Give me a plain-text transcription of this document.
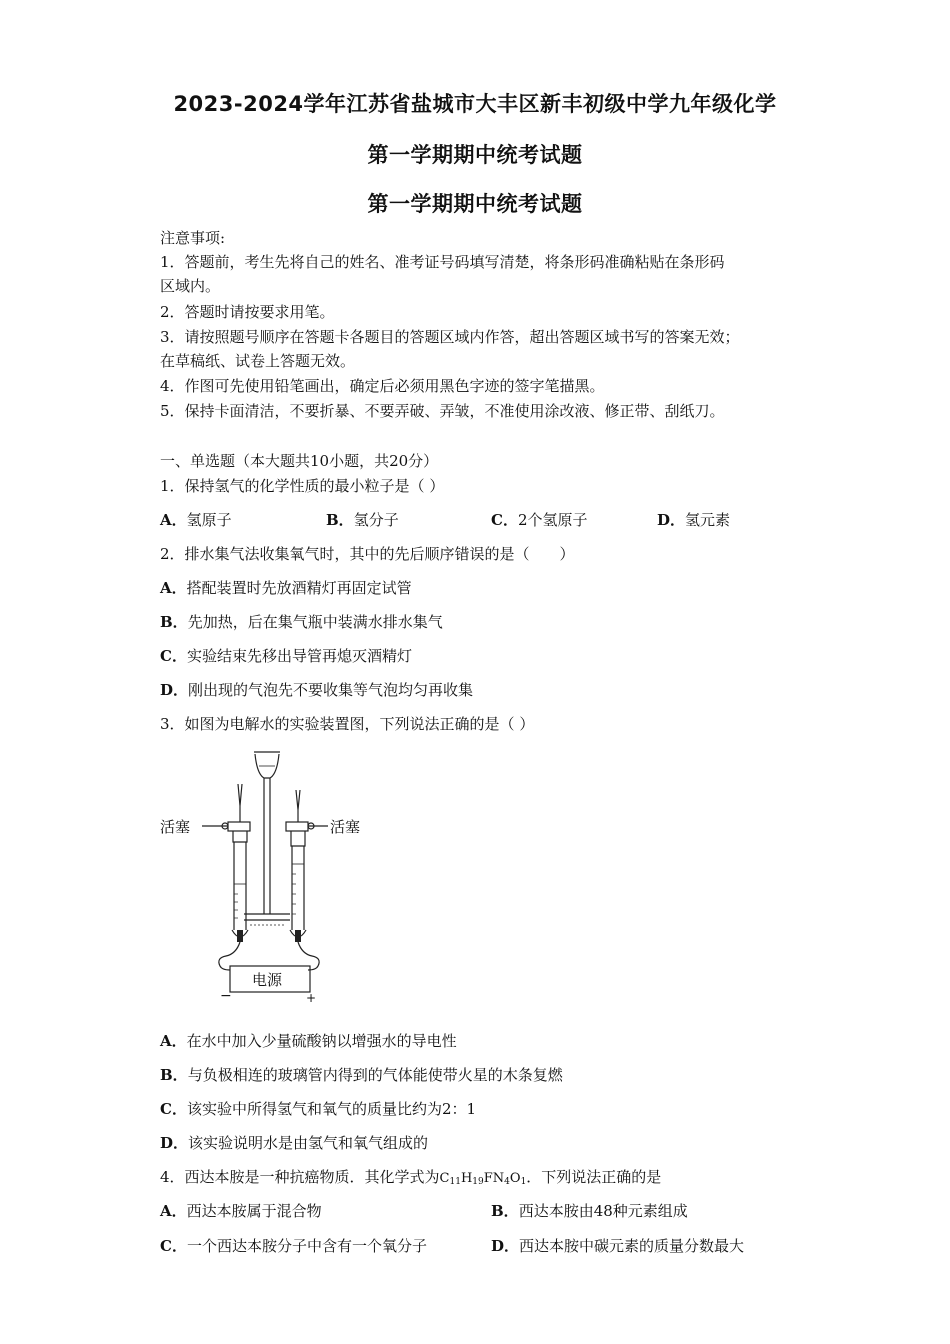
2023-2024学年江苏省盐城市大丰区新丰初级中学九年级化学
第一学期期中统考试题
第一学期期中统考试题
注意事项:
1．答题前，考生先将自己的姓名、准考证号码填写清楚，将条形码准确粘贴在条形码
区域内。
2．答题时请按要求用笔。
3．请按照题号顺序在答题卡各题目的答题区域内作答，超出答题区域书写的答案无效；
在草稿纸、试卷上答题无效。
4．作图可先使用铅笔画出，确定后必须用黑色字迹的签字笔描黑。
5．保持卡面清洁，不要折暴、不要弄破、弄皱，不准使用涂改液、修正带、刮纸刀。
一、单选题（本大题共10小题，共20分）
1．保持氢气的化学性质的最小粒子是（ ）
A．氢原子	B．氢分子	C．2个氢原子	D．氢元素
2．排水集气法收集氧气时，其中的先后顺序错误的是（　　）
A．搭配装置时先放酒精灯再固定试管
B．先加热，后在集气瓶中装满水排水集气
C．实验结束先移出导管再熄灭酒精灯
D．刚出现的气泡先不要收集等气泡均匀再收集
3．如图为电解水的实验装置图，下列说法正确的是（ ）
活塞	活塞
电源
−	+
A．在水中加入少量硫酸钠以增强水的导电性
B．与负极相连的玻璃管内得到的气体能使带火星的木条复燃
C．该实验中所得氢气和氧气的质量比约为2：1
D．该实验说明水是由氢气和氧气组成的
4．西达本胺是一种抗癌物质．其化学式为$C_{11}H_{19}FN_4O_1$．下列说法正确的是
A．西达本胺属于混合物	B．西达本胺由48种元素组成
C．一个西达本胺分子中含有一个氧分子	D．西达本胺中碳元素的质量分数最大
